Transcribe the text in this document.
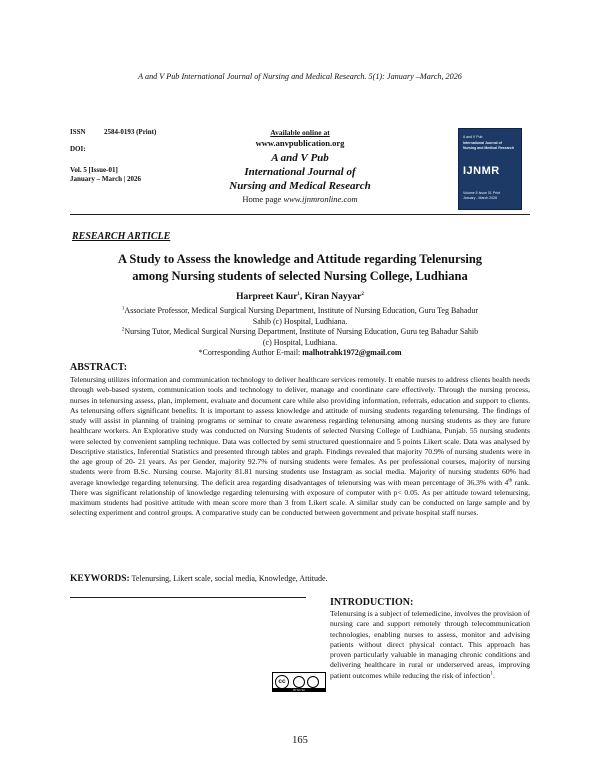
A and V Pub International Journal of Nursing and Medical Research. 5(1): January –March, 2026
ISSN	2584-0193 (Print)
DOI:
Vol. 5 [Issue-01]
January – March | 2026
Available online at
www.anvpublication.org
A and V Pub
International Journal of
Nursing and Medical Research
Home page www.ijnmronline.com
A and V Pub
International Journal of
Nursing and Medical Research
IJNMR
Volume 5 Issue 01 Print
January - March 2026
RESEARCH ARTICLE
A Study to Assess the knowledge and Attitude regarding Telenursing
among Nursing students of selected Nursing College, Ludhiana
Harpreet Kaur$^1$, Kiran Nayyar$^2$
$^1$Associate Professor, Medical Surgical Nursing Department, Institute of Nursing Education, Guru Teg Bahadur
Sahib (c) Hospital, Ludhiana.
$^2$Nursing Tutor, Medical Surgical Nursing Department, Institute of Nursing Education, Guru teg Bahadur Sahib
(c) Hospital, Ludhiana.
*Corresponding Author E-mail: malhotrahk1972@gmail.com
ABSTRACT:
Telenursing utilizes information and communication technology to deliver healthcare services remotely. It enable nurses to address clients health needs through web-based system, communication tools and technology to deliver, manage and coordinate care effectively. Through the nursing process, nurses in telenursing assess, plan, implement, evaluate and document care while also providing information, referrals, education and support to clients. As telenursing offers significant benefits. It is important to assess knowledge and attitude of nursing students regarding telenursing. The findings of study will assist in planning of training programs or seminar to create awareness regarding telenursing among nursing students as they are future healthcare workers. An Explorative study was conducted on Nursing Students of selected Nursing College of Ludhiana, Punjab. 55 nursing students were selected by convenient sampling technique. Data was collected by semi structured questionnaire and 5 points Likert scale. Data was analysed by Descriptive statistics, Inferential Statistics and presented through tables and graph. Findings revealed that majority 70.9% of nursing students were in the age group of 20- 21 years. As per Gender, majority 92.7% of nursing students were females. As per professional courses, majority of nursing students were from B.Sc. Nursing course. Majority 81.81 nursing students use Instagram as social media. Majority of nursing students 60% had average knowledge regarding telenursing. The deficit area regarding disadvantages of telenursing was with mean percentage of 36.3% with 4th rank. There was significant relationship of knowledge regarding telenursing with exposure of computer with p< 0.05. As per attitude toward telenursing, maximum students had positive attitude with mean score more than 3 from Likert scale. A similar study can be conducted on large sample and by selecting experiment and control groups. A comparative study can be conducted between government and private hospital staff nurses.
KEYWORDS: Telenursing, Likert scale, social media, Knowledge, Attitude.
INTRODUCTION:
Telenursing is a subject of telemedicine, involves the provision of nursing care and support remotely through telecommunication technologies, enabling nurses to assess, monitor and advising patients without direct physical contact. This approach has proven particularly valuable in managing chronic conditions and delivering healthcare in rural or underserved areas, improving patient outcomes while reducing the risk of infection$^1$.
cc
BY NC SA
165
